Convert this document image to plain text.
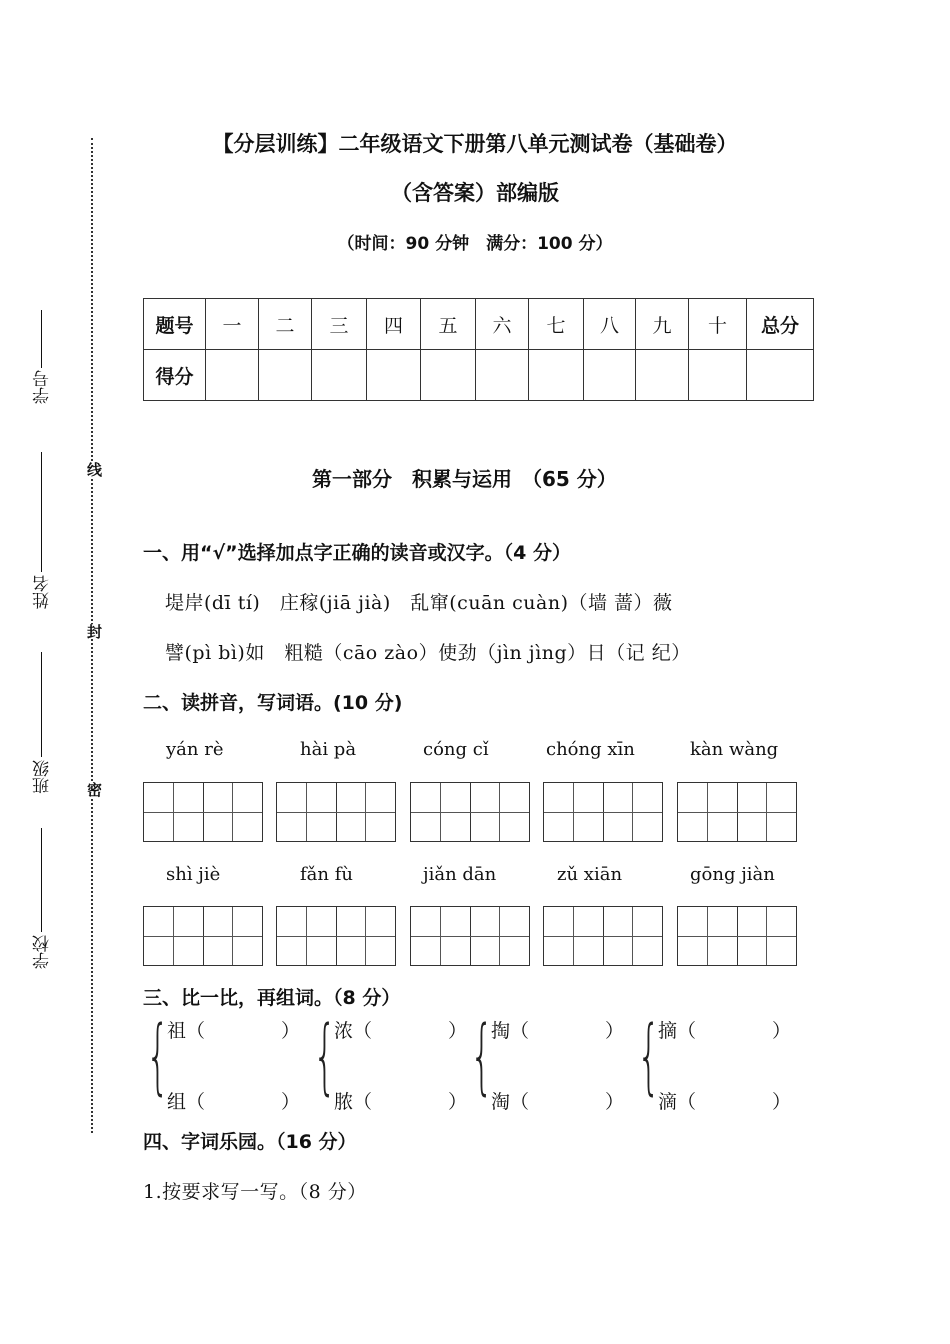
学号
姓名
班级
学校
线
封
密
【分层训练】二年级语文下册第八单元测试卷（基础卷）
（含答案）部编版
（时间：90 分钟　满分：100 分）
题号	一	二	三	四	五	六	七	八	九	十	总分
得分											
第一部分　积累与运用　（65 分）
一、用“√”选择加点字正确的读音或汉字。（4 分）
堤岸(dī tí)　庄稼(jiā jià)　乱窜(cuān cuàn)（墙 蔷）薇
譬(pì bì)如　粗糙（cāo zào）使劲（jìn jìng）日（记 纪）
二、读拼音，写词语。(10 分)
yán rè	hài pà	cóng cǐ	chóng xīn	kàn wàng
shì jiè	fǎn fù	jiǎn dān	zǔ xiān	gōng jiàn
三、比一比，再组词。（8 分）
{
祖（　　　　）
组（　　　　） {
浓（　　　　）
脓（　　　　） {
掏（　　　　）
淘（　　　　） {
摘（　　　　）
滴（　　　　）
四、字词乐园。（16 分）
1.按要求写一写。（8 分）
